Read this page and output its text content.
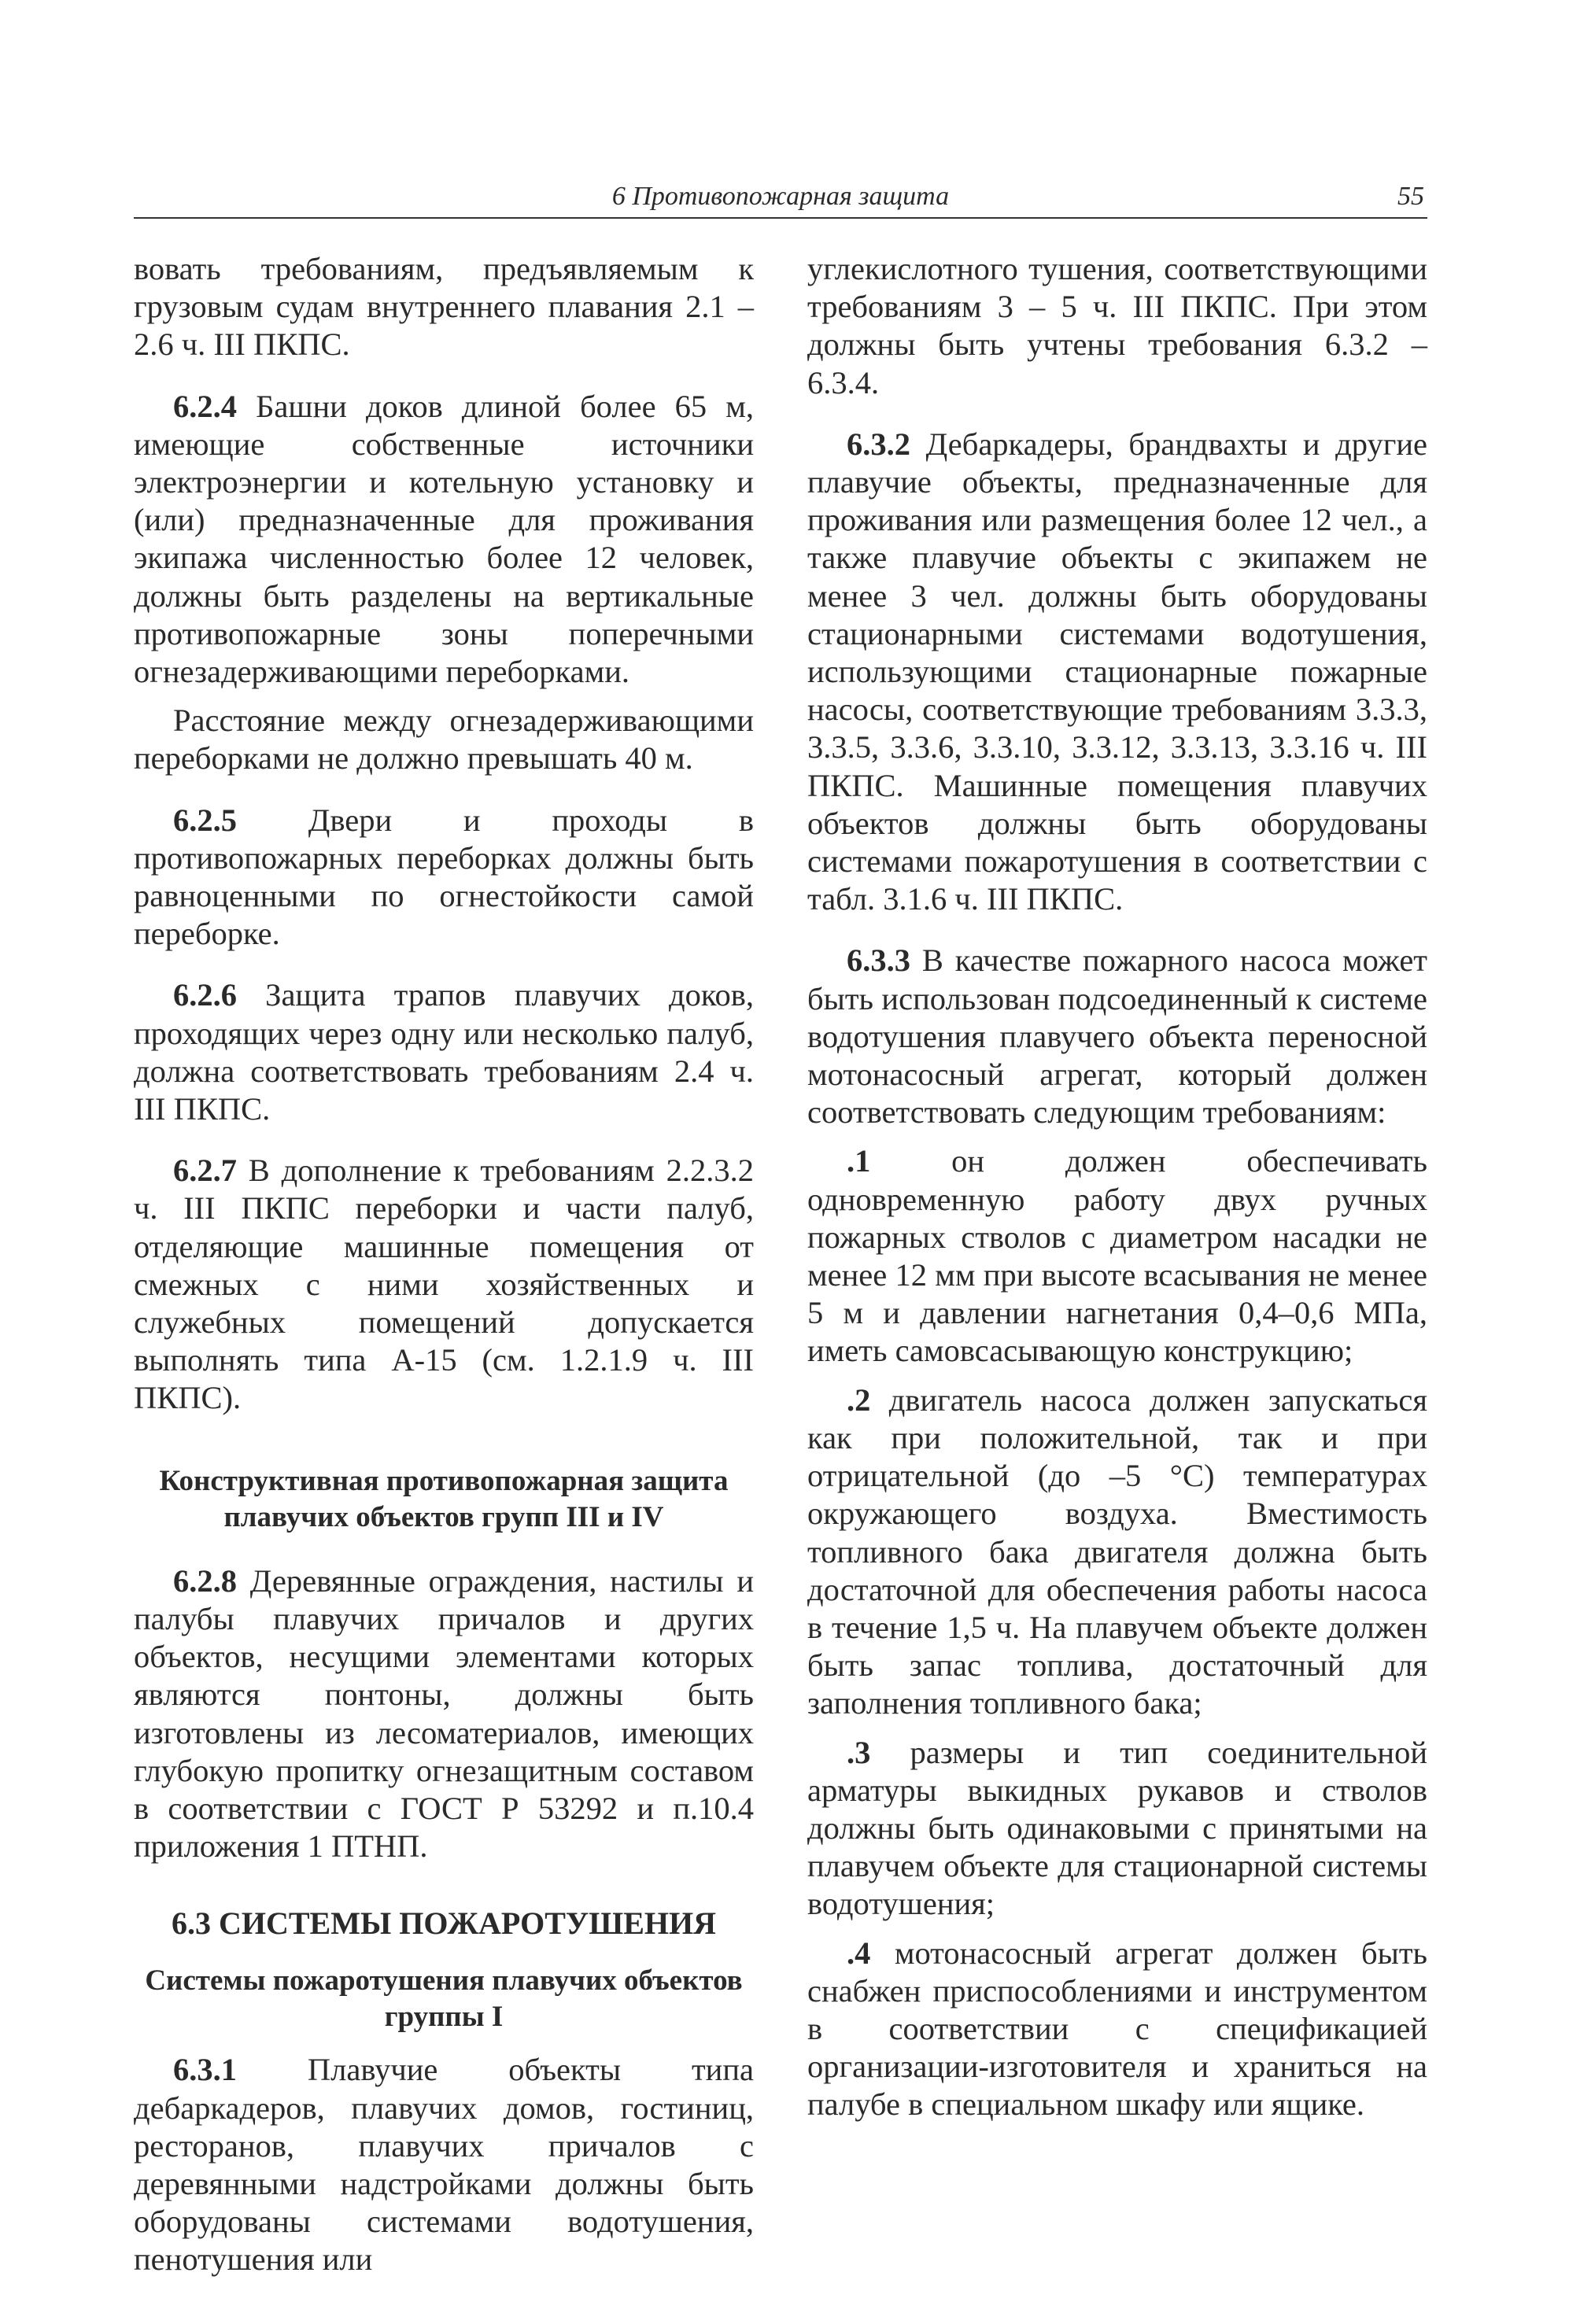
6 Противопожарная защита	55

вовать требованиям, предъявляемым к грузовым судам внутреннего плавания 2.1 – 2.6 ч. III ПКПС.

6.2.4 Башни доков длиной более 65 м, имеющие собственные источники электроэнергии и котельную установку и (или) предназначенные для проживания экипажа численностью более 12 человек, должны быть разделены на вертикальные противопожарные зоны поперечными огнезадерживающими переборками.

Расстояние между огнезадерживающими переборками не должно превышать 40 м.

6.2.5 Двери и проходы в противопожарных переборках должны быть равноценными по огнестойкости самой переборке.

6.2.6 Защита трапов плавучих доков, проходящих через одну или несколько палуб, должна соответствовать требованиям 2.4 ч. III ПКПС.

6.2.7 В дополнение к требованиям 2.2.3.2 ч. III ПКПС переборки и части палуб, отделяющие машинные помещения от смежных с ними хозяйственных и служебных помещений допускается выполнять типа А-15 (см. 1.2.1.9 ч. III ПКПС).

Конструктивная противопожарная защита плавучих объектов групп III и IV

6.2.8 Деревянные ограждения, настилы и палубы плавучих причалов и других объектов, несущими элементами которых являются понтоны, должны быть изготовлены из лесоматериалов, имеющих глубокую пропитку огнезащитным составом в соответствии с ГОСТ Р 53292 и п.10.4 приложения 1 ПТНП.

6.3 СИСТЕМЫ ПОЖАРОТУШЕНИЯ

Системы пожаротушения плавучих объектов группы I

6.3.1 Плавучие объекты типа дебаркадеров, плавучих домов, гостиниц, ресторанов, плавучих причалов с деревянными надстройками должны быть оборудованы системами водотушения, пенотушения или

углекислотного тушения, соответствующими требованиям 3 – 5 ч. III ПКПС. При этом должны быть учтены требования 6.3.2 – 6.3.4.

6.3.2 Дебаркадеры, брандвахты и другие плавучие объекты, предназначенные для проживания или размещения более 12 чел., а также плавучие объекты с экипажем не менее 3 чел. должны быть оборудованы стационарными системами водотушения, использующими стационарные пожарные насосы, соответствующие требованиям 3.3.3, 3.3.5, 3.3.6, 3.3.10, 3.3.12, 3.3.13, 3.3.16 ч. III ПКПС. Машинные помещения плавучих объектов должны быть оборудованы системами пожаротушения в соответствии с табл. 3.1.6 ч. III ПКПС.

6.3.3 В качестве пожарного насоса может быть использован подсоединенный к системе водотушения плавучего объекта переносной мотонасосный агрегат, который должен соответствовать следующим требованиям:

.1 он должен обеспечивать одновременную работу двух ручных пожарных стволов с диаметром насадки не менее 12 мм при высоте всасывания не менее 5 м и давлении нагнетания 0,4–0,6 МПа, иметь самовсасывающую конструкцию;

.2 двигатель насоса должен запускаться как при положительной, так и при отрицательной (до –5 °С) температурах окружающего воздуха. Вместимость топливного бака двигателя должна быть достаточной для обеспечения работы насоса в течение 1,5 ч. На плавучем объекте должен быть запас топлива, достаточный для заполнения топливного бака;

.3 размеры и тип соединительной арматуры выкидных рукавов и стволов должны быть одинаковыми с принятыми на плавучем объекте для стационарной системы водотушения;

.4 мотонасосный агрегат должен быть снабжен приспособлениями и инструментом в соответствии с спецификацией организации-изготовителя и храниться на палубе в специальном шкафу или ящике.
